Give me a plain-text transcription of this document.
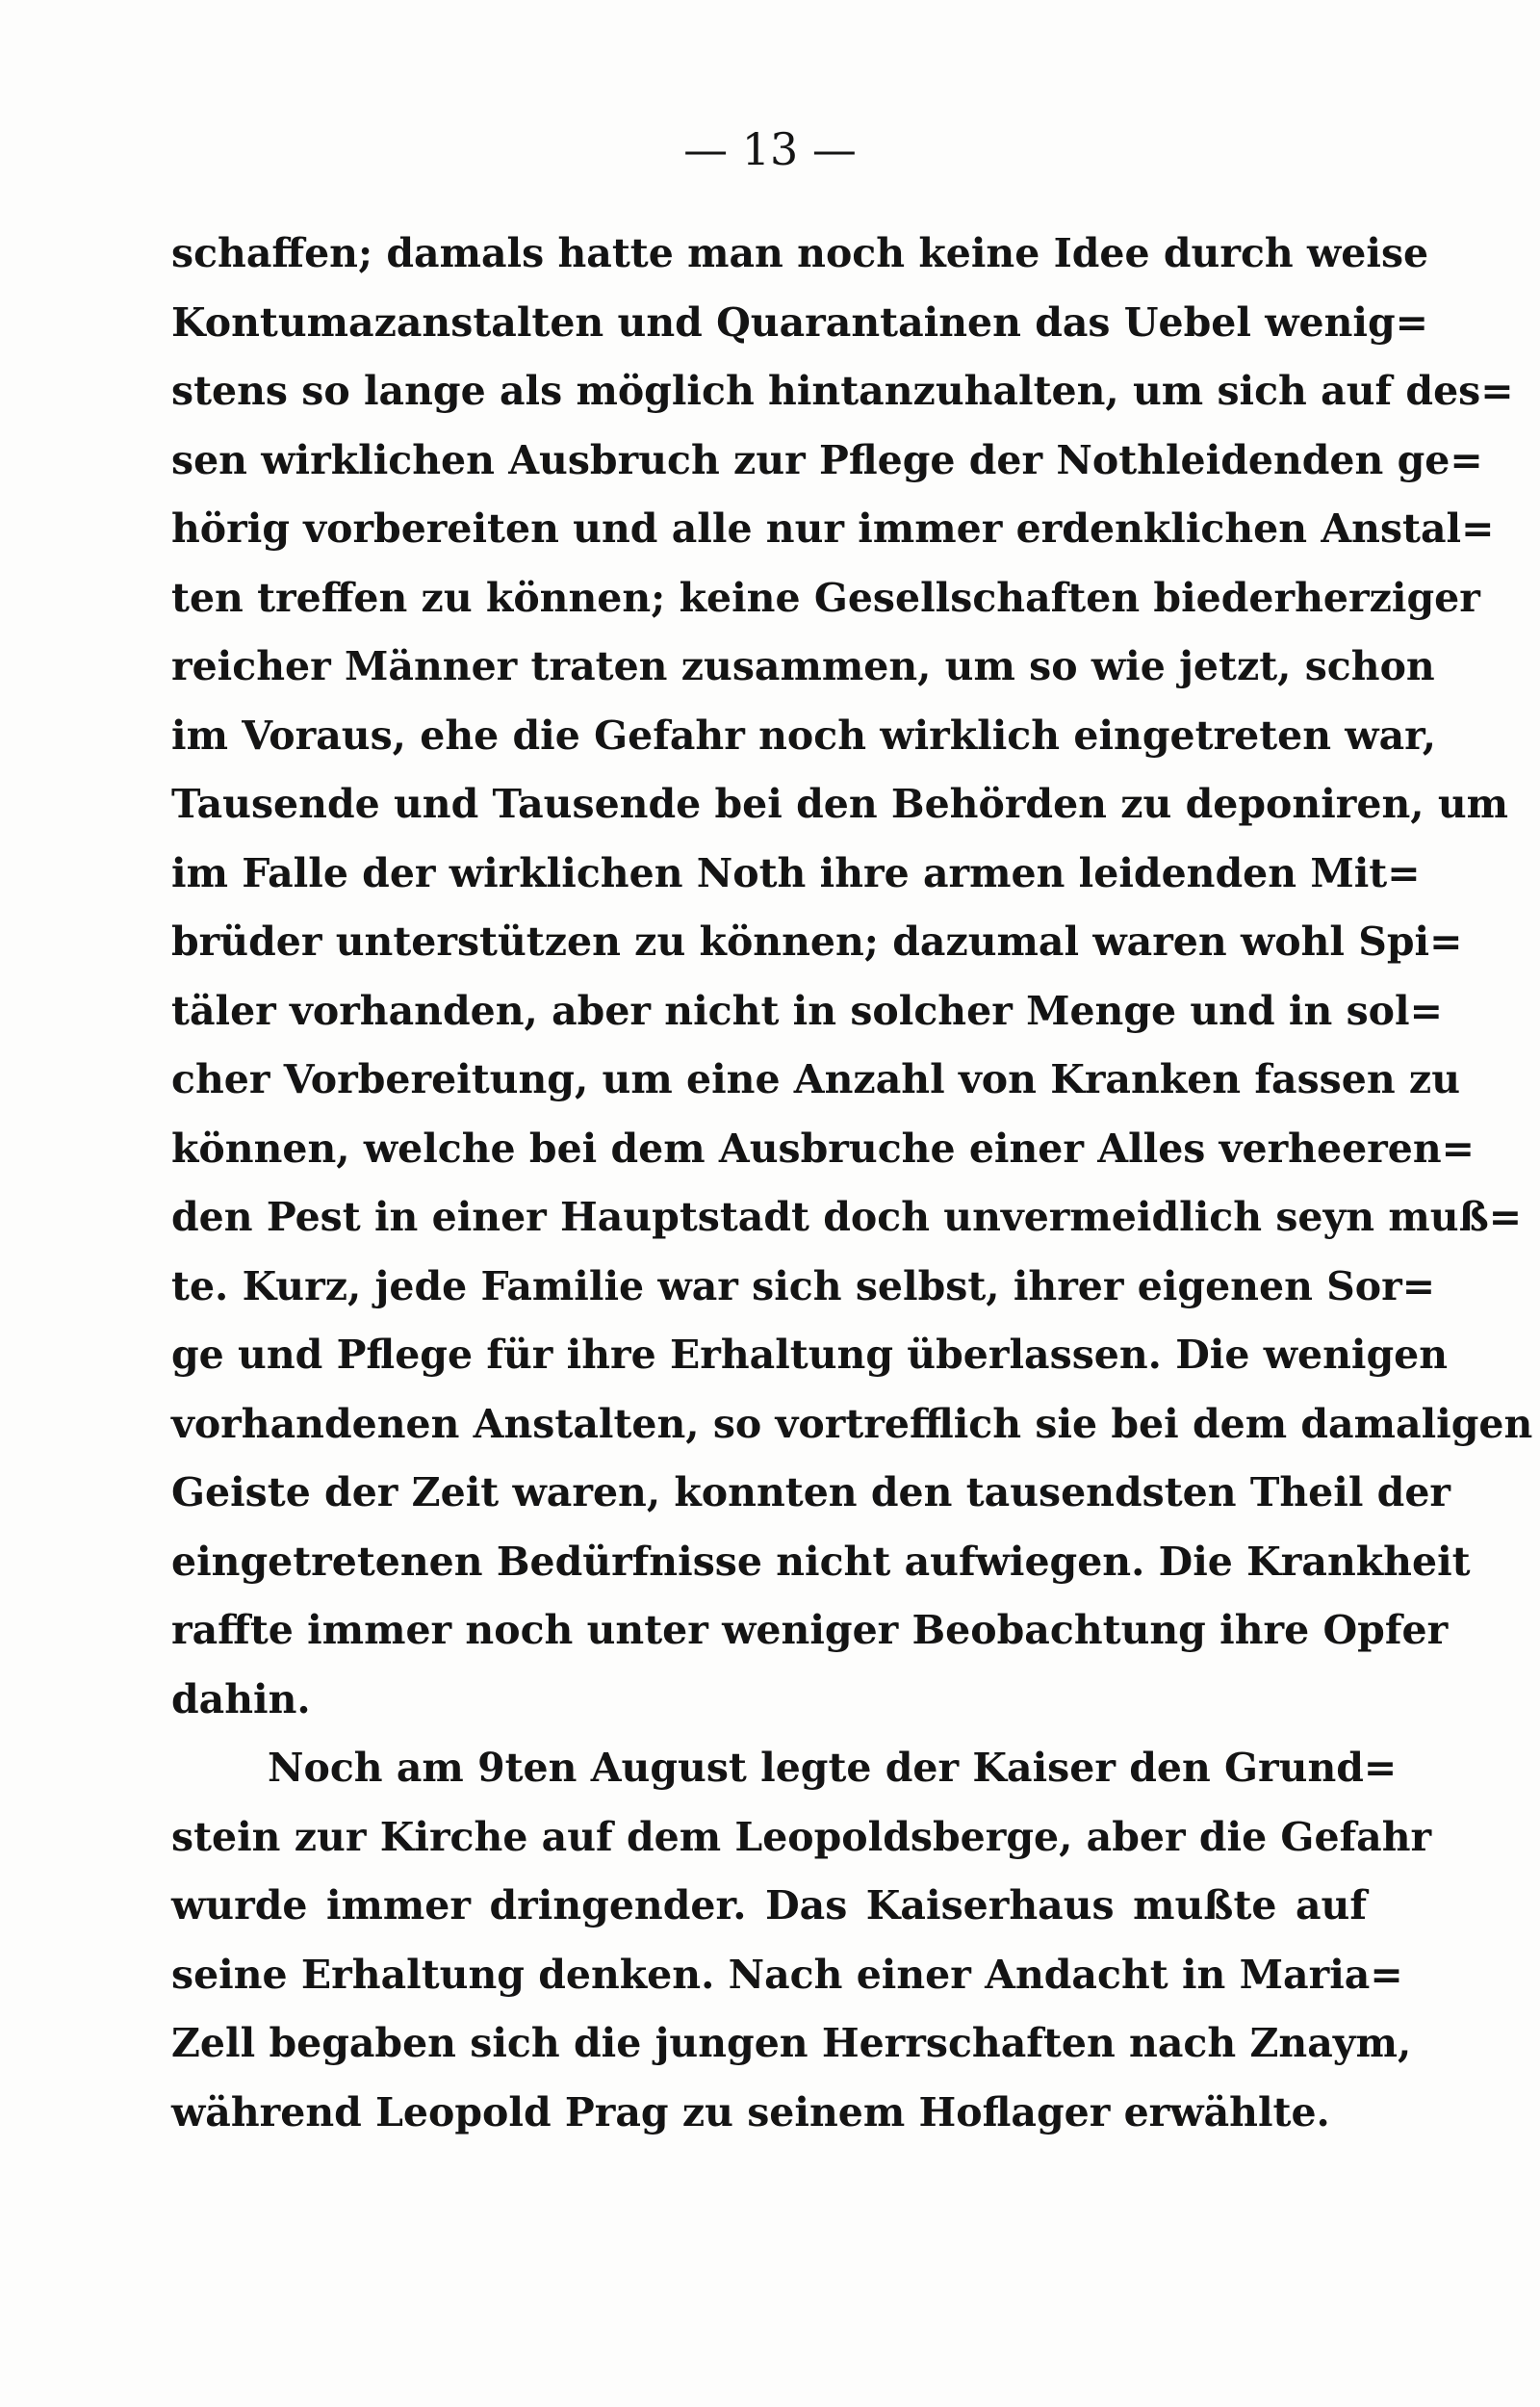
— 13 —
schaffen; damals hatte man noch keine Idee durch weise
Kontumazanstalten und Quarantainen das Uebel wenig=
stens so lange als möglich hintanzuhalten, um sich auf des=
sen wirklichen Ausbruch zur Pflege der Nothleidenden ge=
hörig vorbereiten und alle nur immer erdenklichen Anstal=
ten treffen zu können; keine Gesellschaften biederherziger
reicher Männer traten zusammen, um so wie jetzt, schon
im Voraus, ehe die Gefahr noch wirklich eingetreten war,
Tausende und Tausende bei den Behörden zu deponiren, um
im Falle der wirklichen Noth ihre armen leidenden Mit=
brüder unterstützen zu können; dazumal waren wohl Spi=
täler vorhanden, aber nicht in solcher Menge und in sol=
cher Vorbereitung, um eine Anzahl von Kranken fassen zu
können, welche bei dem Ausbruche einer Alles verheeren=
den Pest in einer Hauptstadt doch unvermeidlich seyn muß=
te. Kurz, jede Familie war sich selbst, ihrer eigenen Sor=
ge und Pflege für ihre Erhaltung überlassen. Die wenigen
vorhandenen Anstalten, so vortrefflich sie bei dem damaligen
Geiste der Zeit waren, konnten den tausendsten Theil der
eingetretenen Bedürfnisse nicht aufwiegen. Die Krankheit
raffte immer noch unter weniger Beobachtung ihre Opfer
dahin.
Noch am 9ten August legte der Kaiser den Grund=
stein zur Kirche auf dem Leopoldsberge, aber die Gefahr
wurde immer dringender. Das Kaiserhaus mußte auf
seine Erhaltung denken. Nach einer Andacht in Maria=
Zell begaben sich die jungen Herrschaften nach Znaym,
während Leopold Prag zu seinem Hoflager erwählte.
